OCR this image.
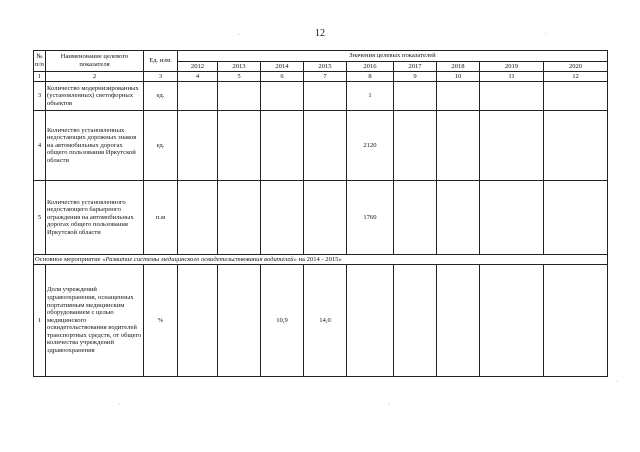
12
№ п/п	Наименование целевого показателя	Ед. изм.	Значения целевых показателей								
			2012	2013	2014	2015	2016	2017	2018	2019	2020
1	2	3	4	5	6	7	8	9	10	11	12
3	Количество модернизированных (установленных) светофорных объектов	ед.					1				
4	Количество установленных недостающих дорожных знаков на автомобильных дорогах общего пользования Иркутской области	ед.					2120				
5	Количество установленного недостающего барьерного ограждения на автомобильных дорогах общего пользования Иркутской области	п.м					1760				
Основное мероприятие «Развитие системы медицинского освидетельствования водителей» на 2014 - 2015»											
1	Доля учреждений здравоохранения, оснащенных портативным медицинским оборудованием с целью медицинского освидетельствования водителей транспортных средств, от общего количества учреждений здравоохранения	%			10,9	14,0					
·	·
·	·
·
